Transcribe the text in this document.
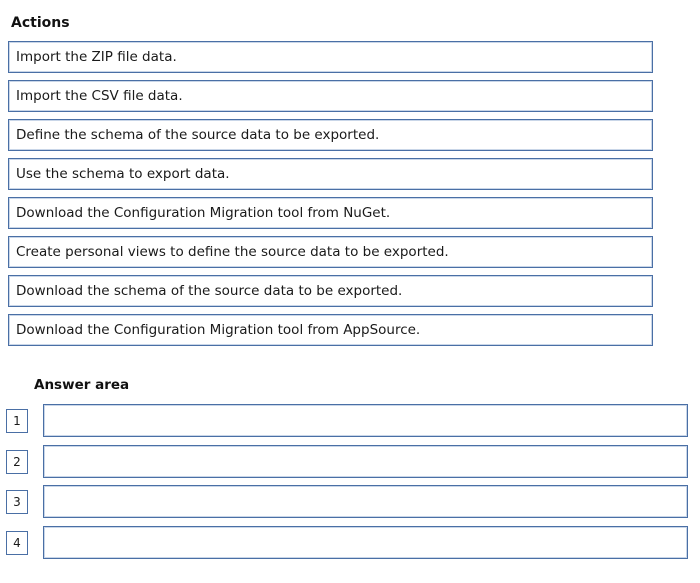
Actions
Import the ZIP file data.
Import the CSV file data.
Define the schema of the source data to be exported.
Use the schema to export data.
Download the Configuration Migration tool from NuGet.
Create personal views to define the source data to be exported.
Download the schema of the source data to be exported.
Download the Configuration Migration tool from AppSource.
Answer area
1
2
3
4
